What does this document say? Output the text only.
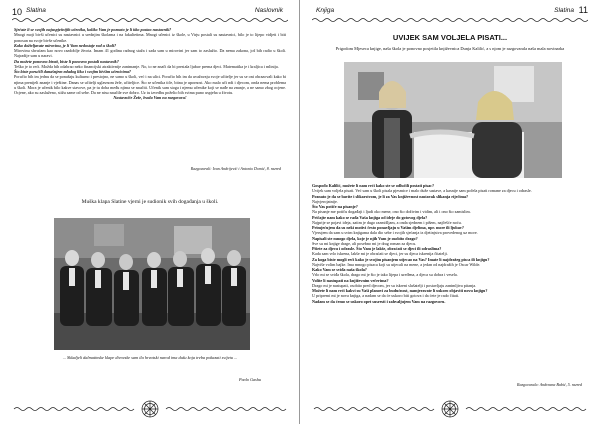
10 Slatina	Naslovnik

Sjećate li se svojih najuspješnijih učenika, koliko Vam je poznato je li itko postao nastavnik?

Mnogi moji bivši učenici su nastavnici u srednjim školama i na fakultetima. Mnogi učenici iz škole, u Virju postali su nastavnici, bilo je to lijepo vidjeti i biti ponosan na svoje bivše učenike.

Kako doživljavate mirovinu, je li Vam nedostaje rad u školi?

Mirovinu shvaćam kao novo razdoblje života. Imam 41 godinu radnog staža i sada sam u mirovini jer sam to zaslužio. Da nema zakona, još bih radio u školi. Najradije sam u naravi.

Da možete ponovno birati, biste li ponovno postali nastavnik?

Teško je to reći. Možda bih odabrao neko financijski atraktivnije zanimanje. No, to ne znači da bi prestala ljubav prema djeci. Matematika je i kraljica i mlinija.

Što biste poručili današnjem mladog liku i svojim bivšim učenicima?

Poručio bih im jednu da se ponašaju kulturno i prestojno, ne samo u školi, već i na ulici. Poručio bih im da uvažavaju svoje učitelje jer su se oni obrazovali kako bi njima prenijeli znanje i vještine. Danas se učitelji uglavnom žele, učiteljice. Što se učenika tiče, bitna je upornost. Ako malo uči ndi i djecom, onda nema problema u školi. Mora je učenik bilo kakve stavove, pa je tu doba među njima se naučiti. Učenik sam stoga i njemu učenike koji se nađe na znanje, a ne samo zbog ocjene. Ocjene, ako su zasluženo, stižu same od sebe. Da ne nisu naučile sve dobro. Uz tu izvedbu poželio bih svima puno uspjeha u životu.

Nastavniče Žeže, hvala Vam na razgovoru!

Razgovarali: Ivan Andrijević i Antonio Domić, 8. razred
Muška klapa Slatine vjerni je sudionik svih događanja u školi.
... Skladjeli dalmatinske klape divovske sam ila hrvatski narod ima dušu koja treba pokazati svijetu ...
Paolo Gashu
Knjiga	Slatina 11
UVIJEK SAM VOLJELA PISATI...
Prigodom Mjeseca knjige, naša škola je ponovno posjetila književnica Dunja Kalilić, a s njom je razgovarala naša mala novinarka

Gospođo Kalilić, možete li nam reći kako ste se odlučili postati pisac?

Uvijek sam voljela pisati. Već sam u školi pisala pjesmice i malo duže sastave, a kasnije sam počela pisati romane za djecu i odrasle.

Poznato je da se bavite i slikarstvom, je li za Vas književnost nastavak slikanja riječima?

Najvjerojatnije.

Što Vas potiče na pisanje?

Na pisanje me potiču događaji i ljudi oko mene, ono što doživim i vidim, ali i ono što zamislim.

Pričajte nam kako se rađa Vaša knjiga od ideje do gotovog djela?

Najprije se pojavi ideja, zatim je dugo razmišljam, a onda sjednem i pišem, najčešće noću.

Primjećujem da su neki motivi često ponavljaju u Vašim djelima, npr. more ili ljubav?

Vjerujem da sam u svim knjigama dala dio sebe i svojih sjećanja iz djetinjstva provedenog uz more.

Napisali ste mnogo djela, koje je njih Vam je osobito drago?

Sve su mi knjige drage, ali posebno mi je drag roman za djecu.

Pišete za djecu i odrasle. Što Vam je lakše, obraćati se djeci ili odraslima?

Kada sam vrlo iskrena, lakše mi je obraćati se djeci, jer su djeca iskrenija čitatelji.

Za koga biste mogli reći kako je svojim pisanjem utjecao na Vas? Imate li najdražeg pisca ili knjigu?

Najviše volim bajke. Ima mnogo pisaca koji su utjecali na mene, a jedan od najdražih je Oscar Wilde.

Kako Vam se sviđa naša škola?

Vrlo mi se sviđa škola, drago mi je što je tako lijepa i uređena, a djeca su dobra i vesela.

Volite li nastupati na književnim večerima?

Drago mi je nastupati, osobito pred djecom, jer su iskreni slušatelji i postavljaju zanimljiva pitanja.

Možete li nam reći kakvi su Vaši planovi za budućnost, namjeravate li uskoro objaviti novu knjigu?

U pripremi mi je nova knjiga, a nadam se da će uskoro biti gotova i da ćete je rado čitati.

Nadam se da ćemo se uskoro opet susresti i zahvaljujem Vam na razgovoru.

Razgovarala: Andreana Babić, 5. razred
